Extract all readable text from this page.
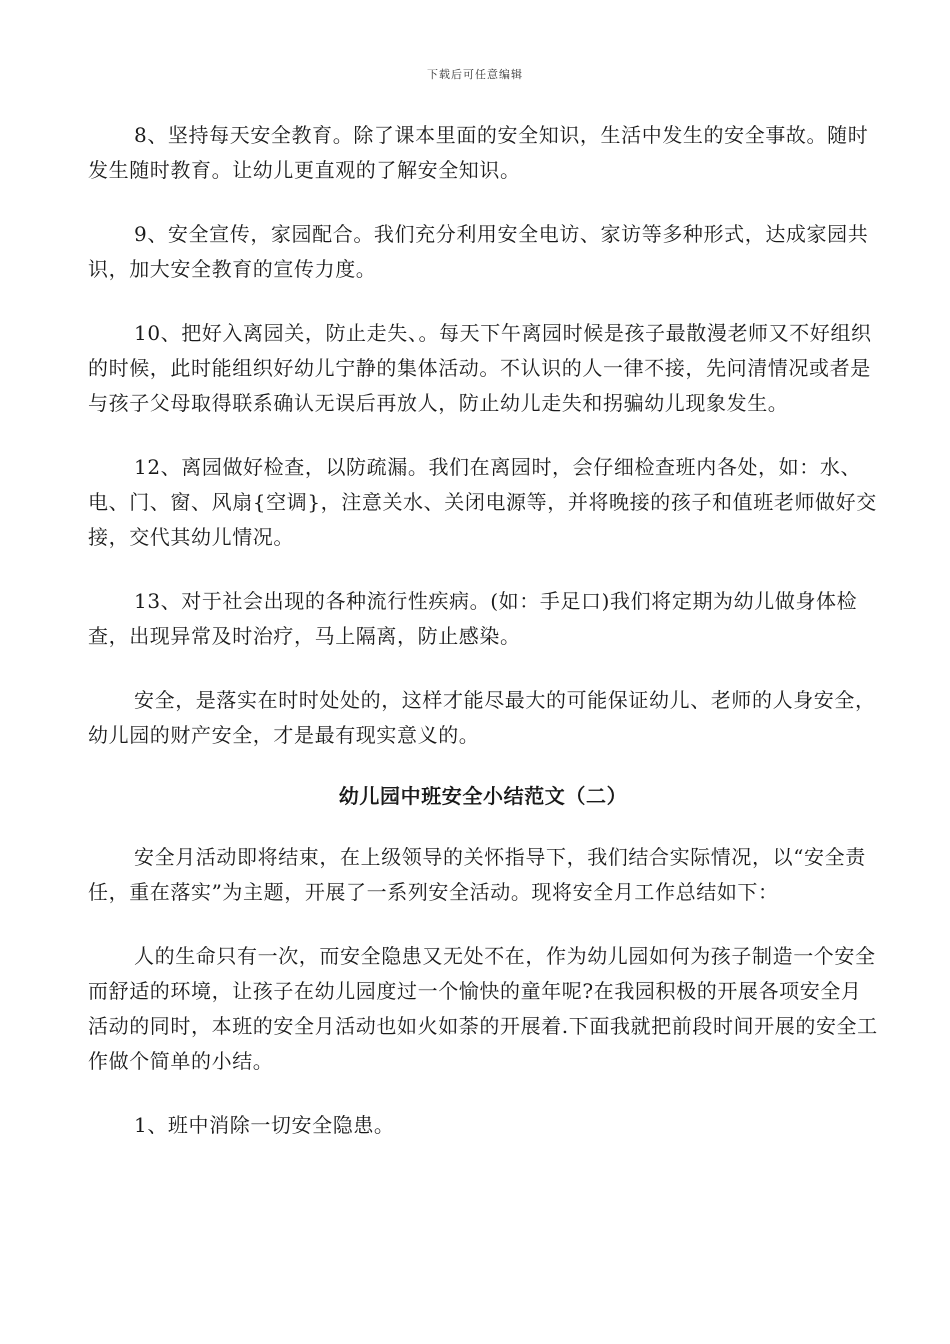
下载后可任意编辑

8、坚持每天安全教育。除了课本里面的安全知识，生活中发生的安全事故。随时发生随时教育。让幼儿更直观的了解安全知识。

9、安全宣传，家园配合。我们充分利用安全电访、家访等多种形式，达成家园共识，加大安全教育的宣传力度。

10、把好入离园关，防止走失、。每天下午离园时候是孩子最散漫老师又不好组织的时候，此时能组织好幼儿宁静的集体活动。不认识的人一律不接，先问清情况或者是与孩子父母取得联系确认无误后再放人，防止幼儿走失和拐骗幼儿现象发生。

12、离园做好检查，以防疏漏。我们在离园时，会仔细检查班内各处，如：水、电、门、窗、风扇{空调}，注意关水、关闭电源等，并将晚接的孩子和值班老师做好交接，交代其幼儿情况。

13、对于社会出现的各种流行性疾病。(如：手足口)我们将定期为幼儿做身体检查，出现异常及时治疗，马上隔离，防止感染。

安全，是落实在时时处处的，这样才能尽最大的可能保证幼儿、老师的人身安全，幼儿园的财产安全，才是最有现实意义的。

幼儿园中班安全小结范文（二）

安全月活动即将结束，在上级领导的关怀指导下，我们结合实际情况，以“安全责任，重在落实”为主题，开展了一系列安全活动。现将安全月工作总结如下：

人的生命只有一次，而安全隐患又无处不在，作为幼儿园如何为孩子制造一个安全而舒适的环境，让孩子在幼儿园度过一个愉快的童年呢?在我园积极的开展各项安全月活动的同时，本班的安全月活动也如火如荼的开展着.下面我就把前段时间开展的安全工作做个简单的小结。

1、班中消除一切安全隐患。
